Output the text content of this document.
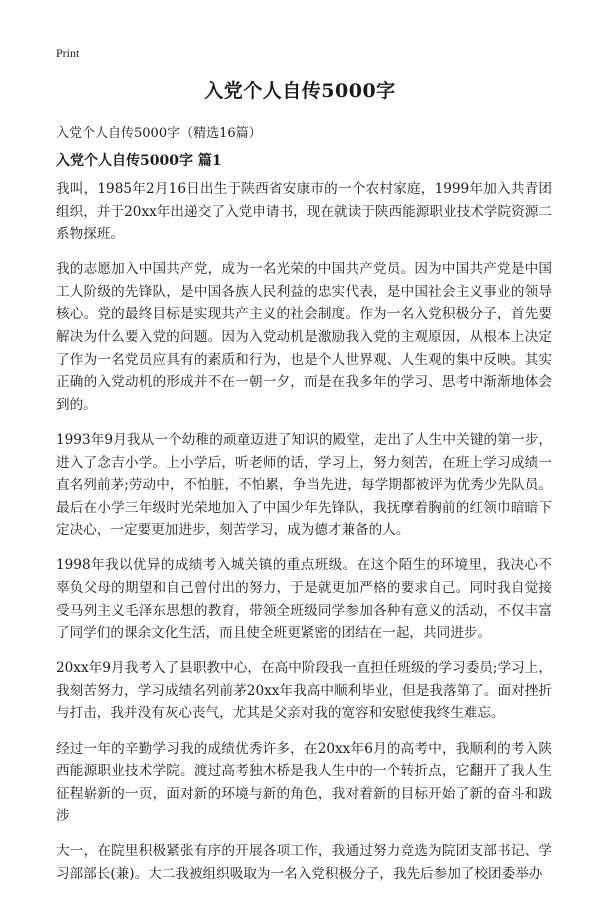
Print
入党个人自传5000字

入党个人自传5000字（精选16篇）

入党个人自传5000字 篇1

我叫，1985年2月16日出生于陕西省安康市的一个农村家庭，1999年加入共青团组织，并于20xx年出递交了入党申请书，现在就读于陕西能源职业技术学院资源二系物探班。

我的志愿加入中国共产党，成为一名光荣的中国共产党员。因为中国共产党是中国工人阶级的先锋队，是中国各族人民利益的忠实代表，是中国社会主义事业的领导核心。党的最终目标是实现共产主义的社会制度。作为一名入党积极分子，首先要解决为什么要入党的问题。因为入党动机是激励我入党的主观原因，从根本上决定了作为一名党员应具有的素质和行为，也是个人世界观、人生观的集中反映。其实正确的入党动机的形成并不在一朝一夕，而是在我多年的学习、思考中渐渐地体会到的。

1993年9月我从一个幼稚的顽童迈进了知识的殿堂，走出了人生中关键的第一步，进入了念吉小学。上小学后，听老师的话，学习上，努力刻苦，在班上学习成绩一直名列前茅;劳动中，不怕脏，不怕累，争当先进，每学期都被评为优秀少先队员。最后在小学三年级时光荣地加入了中国少年先锋队，我抚摩着胸前的红领巾暗暗下定决心，一定要更加进步，刻苦学习，成为德才兼备的人。

1998年我以优异的成绩考入城关镇的重点班级。在这个陌生的环境里，我决心不辜负父母的期望和自己曾付出的努力，于是就更加严格的要求自己。同时我自觉接受马列主义毛泽东思想的教育，带领全班级同学参加各种有意义的活动，不仅丰富了同学们的课余文化生活，而且使全班更紧密的团结在一起，共同进步。

20xx年9月我考入了县职教中心，在高中阶段我一直担任班级的学习委员;学习上，我刻苦努力，学习成绩名列前茅20xx年我高中顺利毕业，但是我落第了。面对挫折与打击，我并没有灰心丧气，尤其是父亲对我的宽容和安慰使我终生难忘。

经过一年的辛勤学习我的成绩优秀许多，在20xx年6月的高考中，我顺利的考入陕西能源职业技术学院。渡过高考独木桥是我人生中的一个转折点，它翻开了我人生征程崭新的一页，面对新的环境与新的角色，我对着新的目标开始了新的奋斗和跋涉

大一，在院里积极紧张有序的开展各项工作，我通过努力竞选为院团支部书记、学习部部长(兼)。大二我被组织吸取为一名入党积极分子，我先后参加了校团委举办
